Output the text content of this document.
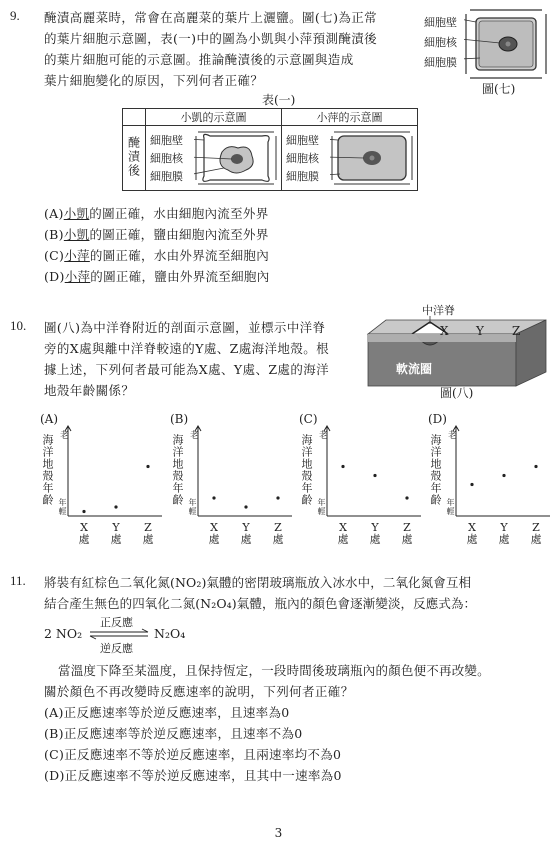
9. 醃漬高麗菜時，常會在高麗菜的葉片上灑鹽。圖(七)為正常
的葉片細胞示意圖，表(一)中的圖為小凱與小萍預測醃漬後
的葉片細胞可能的示意圖。推論醃漬後的示意圖與造成
葉片細胞變化的原因，下列何者正確？
細胞壁
細胞核
細胞膜
圖(七)
表(一)
	小凱的示意圖	小萍的示意圖
醃漬後	細胞壁
細胞核
細胞膜	細胞壁
細胞核
細胞膜
(A)小凱的圖正確，水由細胞內流至外界
(B)小凱的圖正確，鹽由細胞內流至外界
(C)小萍的圖正確，水由外界流至細胞內
(D)小萍的圖正確，鹽由外界流至細胞內
10. 圖(八)為中洋脊附近的剖面示意圖，並標示中洋脊
旁的X處與離中洋脊較遠的Y處、Z處海洋地殼。根
據上述，下列何者最可能為X處、Y處、Z處的海洋
地殼年齡關係？
中洋脊
X Y Z
軟流圈
圖(八)
(A)
海洋地殼年齡 老
年輕
X
處
Y
處
Z
處
(B)
海洋地殼年齡 老
年輕
X
處
Y
處
Z
處
(C)
海洋地殼年齡 老
年輕
X
處
Y
處
Z
處
(D)
海洋地殼年齡 老
年輕
X
處
Y
處
Z
處
11. 將裝有紅棕色二氧化氮(NO₂)氣體的密閉玻璃瓶放入冰水中，二氧化氮會互相
結合產生無色的四氧化二氮(N₂O₄)氣體，瓶內的顏色會逐漸變淡，反應式為：
2 NO₂
正反應
逆反應
N₂O₄
當溫度下降至某溫度，且保持恆定，一段時間後玻璃瓶內的顏色便不再改變。
關於顏色不再改變時反應速率的說明，下列何者正確？
(A)正反應速率等於逆反應速率，且速率為0
(B)正反應速率等於逆反應速率，且速率不為0
(C)正反應速率不等於逆反應速率，且兩速率均不為0
(D)正反應速率不等於逆反應速率，且其中一速率為0
3
